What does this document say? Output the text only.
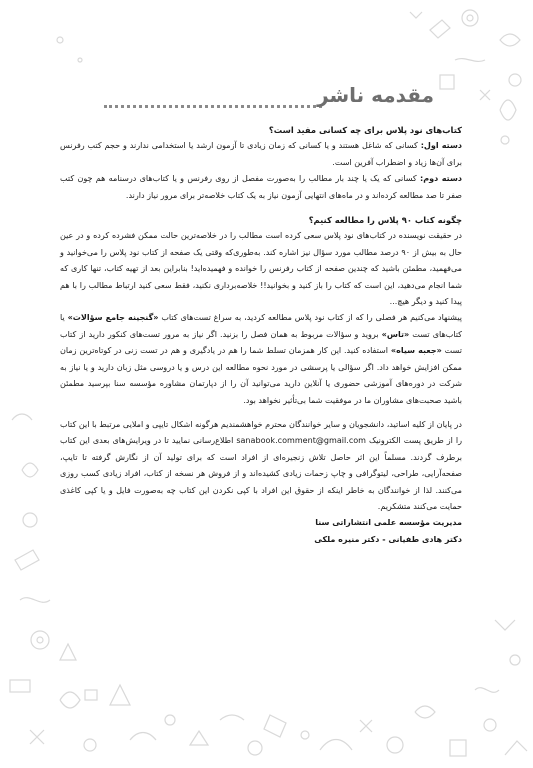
مقدمه ناشر

کتاب‌های نود پلاس برای چه کسانی مفید است؟

دسته اول: کسانی که شاغل هستند و یا کسانی که زمان زیادی تا آزمون ارشد یا استخدامی ندارند و حجم کتب رفرنس برای آن‌ها زیاد و اضطراب آفرین است.

دسته دوم: کسانی که یک یا چند بار مطالب را به‌صورت مفصل از روی رفرنس و یا کتاب‌های درسنامه هم چون کتب صفر تا صد مطالعه کرده‌اند و در ماه‌های انتهایی آزمون نیاز به یک کتاب خلاصه‌تر برای مرور نیاز دارند.

چگونه کتاب ۹۰ پلاس را مطالعه کنیم؟

در حقیقت نویسنده در کتاب‌های نود پلاس سعی کرده است مطالب را در خلاصه‌ترین حالت ممکن فشرده کرده و در عین حال به بیش از ۹۰ درصد مطالب مورد سؤال نیز اشاره کند. به‌طوری‌که وقتی یک صفحه از کتاب نود پلاس را می‌خوانید و می‌فهمید، مطمئن باشید که چندین صفحه از کتاب رفرنس را خوانده و فهمیده‌اید! بنابراین بعد از تهیه کتاب، تنها کاری که شما انجام می‌دهید، این است که کتاب را باز کنید و بخوانید!! خلاصه‌برداری نکنید، فقط سعی کنید ارتباط مطالب را با هم پیدا کنید و دیگر هیچ...

پیشنهاد می‌کنیم هر فصلی را که از کتاب نود پلاس مطالعه کردید، به سراغ تست‌های کتاب «گنجینه جامع سؤالات» یا کتاب‌های تست «تاس» بروید و سؤالات مربوط به همان فصل را بزنید. اگر نیاز به مرور تست‌های کنکور دارید از کتاب تست «جعبه سیاه» استفاده کنید. این کار همزمان تسلط شما را هم در یادگیری و هم در تست زنی در کوتاه‌ترین زمان ممکن افزایش خواهد داد. اگر سؤالی یا پرسشی در مورد نحوه مطالعه این درس و یا دروسی مثل زبان دارید و یا نیاز به شرکت در دوره‌های آموزشی حضوری یا آنلاین دارید می‌توانید آن را از دپارتمان مشاوره مؤسسه سنا بپرسید مطمئن باشید صحبت‌های مشاوران ما در موفقیت شما بی‌تأثیر نخواهد بود.

در پایان از کلیه اساتید، دانشجویان و سایر خوانندگان محترم خواهشمندیم هرگونه اشکال تایپی و املایی مرتبط با این کتاب را از طریق پست الکترونیک sanabook.comment@gmail.com اطلاع‌رسانی نمایید تا در ویرایش‌های بعدی این کتاب برطرف گردند. مسلماً این اثر حاصل تلاش زنجیره‌ای از افراد است که برای تولید آن از نگارش گرفته تا تایپ، صفحه‌آرایی، طراحی، لیتوگرافی و چاپ زحمات زیادی کشیده‌اند و از فروش هر نسخه از کتاب، افراد زیادی کسب روزی می‌کنند. لذا از خوانندگان به خاطر اینکه از حقوق این افراد با کپی نکردن این کتاب چه به‌صورت فایل و یا کپی کاغذی حمایت می‌کنند متشکریم.

مدیریت مؤسسه علمی انتشاراتی سنا

دکتر هادی طفیانی - دکتر منیره ملکی
